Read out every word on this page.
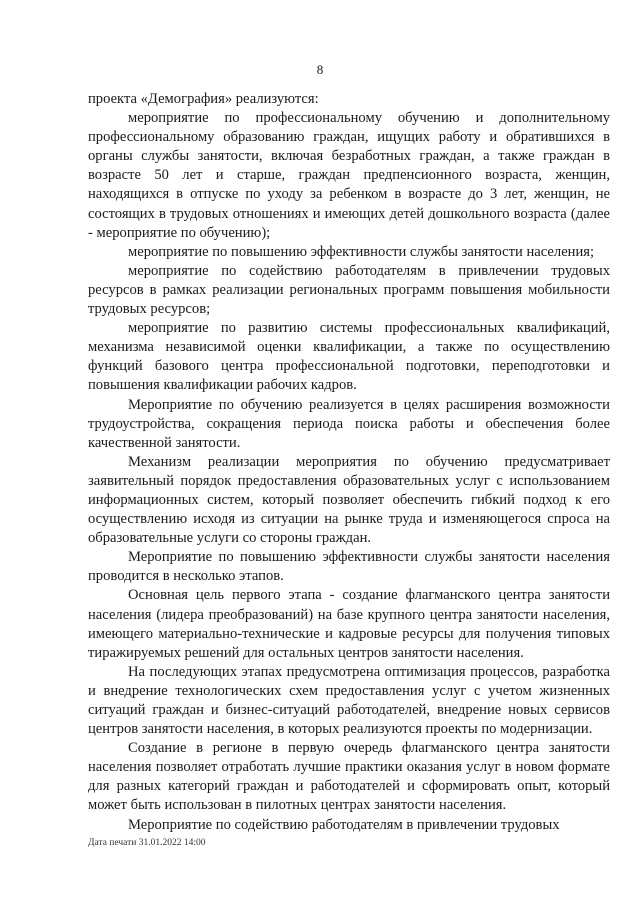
8

проекта «Демография» реализуются:

мероприятие по профессиональному обучению и дополнительному профессиональному образованию граждан, ищущих работу и обратившихся в органы службы занятости, включая безработных граждан, а также граждан в возрасте 50 лет и старше, граждан предпенсионного возраста, женщин, находящихся в отпуске по уходу за ребенком в возрасте до 3 лет, женщин, не состоящих в трудовых отношениях и имеющих детей дошкольного возраста (далее - мероприятие по обучению);

мероприятие по повышению эффективности службы занятости населения;

мероприятие по содействию работодателям в привлечении трудовых ресурсов в рамках реализации региональных программ повышения мобильности трудовых ресурсов;

мероприятие по развитию системы профессиональных квалификаций, механизма независимой оценки квалификации, а также по осуществлению функций базового центра профессиональной подготовки, переподготовки и повышения квалификации рабочих кадров.

Мероприятие по обучению реализуется в целях расширения возможности трудоустройства, сокращения периода поиска работы и обеспечения более качественной занятости.

Механизм реализации мероприятия по обучению предусматривает заявительный порядок предоставления образовательных услуг с использованием информационных систем, который позволяет обеспечить гибкий подход к его осуществлению исходя из ситуации на рынке труда и изменяющегося спроса на образовательные услуги со стороны граждан.

Мероприятие по повышению эффективности службы занятости населения проводится в несколько этапов.

Основная цель первого этапа - создание флагманского центра занятости населения (лидера преобразований) на базе крупного центра занятости населения, имеющего материально-технические и кадровые ресурсы для получения типовых тиражируемых решений для остальных центров занятости населения.

На последующих этапах предусмотрена оптимизация процессов, разработка и внедрение технологических схем предоставления услуг с учетом жизненных ситуаций граждан и бизнес-ситуаций работодателей, внедрение новых сервисов центров занятости населения, в которых реализуются проекты по модернизации.

Создание в регионе в первую очередь флагманского центра занятости населения позволяет отработать лучшие практики оказания услуг в новом формате для разных категорий граждан и работодателей и сформировать опыт, который может быть использован в пилотных центрах занятости населения.

Мероприятие по содействию работодателям в привлечении трудовых

Дата печати 31.01.2022 14:00
